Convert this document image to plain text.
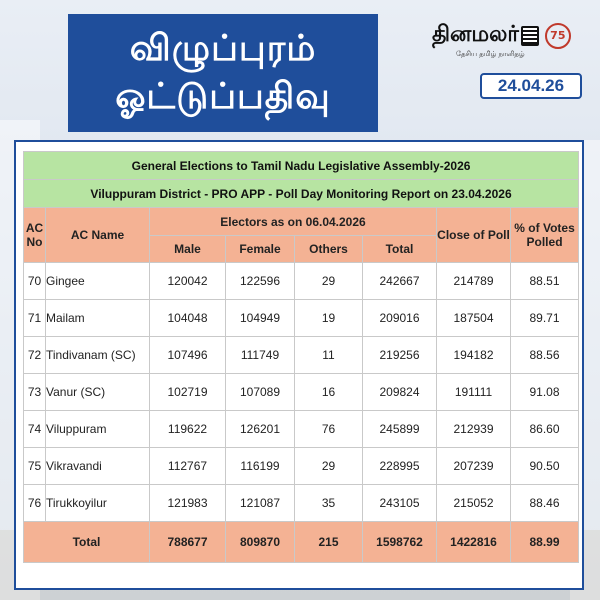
விழுப்புரம்
ஓட்டுப்பதிவு
தினமலர்	75
தேசிய தமிழ் நாளிதழ்
24.04.26
General Elections to Tamil Nadu Legislative Assembly-2026							
Viluppuram District - PRO APP - Poll Day Monitoring Report on 23.04.2026							
AC No	AC Name	Electors as on 06.04.2026				Close of Poll	% of Votes Polled
		Male	Female	Others	Total		
70	Gingee	120042	122596	29	242667	214789	88.51
71	Mailam	104048	104949	19	209016	187504	89.71
72	Tindivanam (SC)	107496	111749	11	219256	194182	88.56
73	Vanur (SC)	102719	107089	16	209824	191111	91.08
74	Viluppuram	119622	126201	76	245899	212939	86.60
75	Vikravandi	112767	116199	29	228995	207239	90.50
76	Tirukkoyilur	121983	121087	35	243105	215052	88.46
Total		788677	809870	215	1598762	1422816	88.99
